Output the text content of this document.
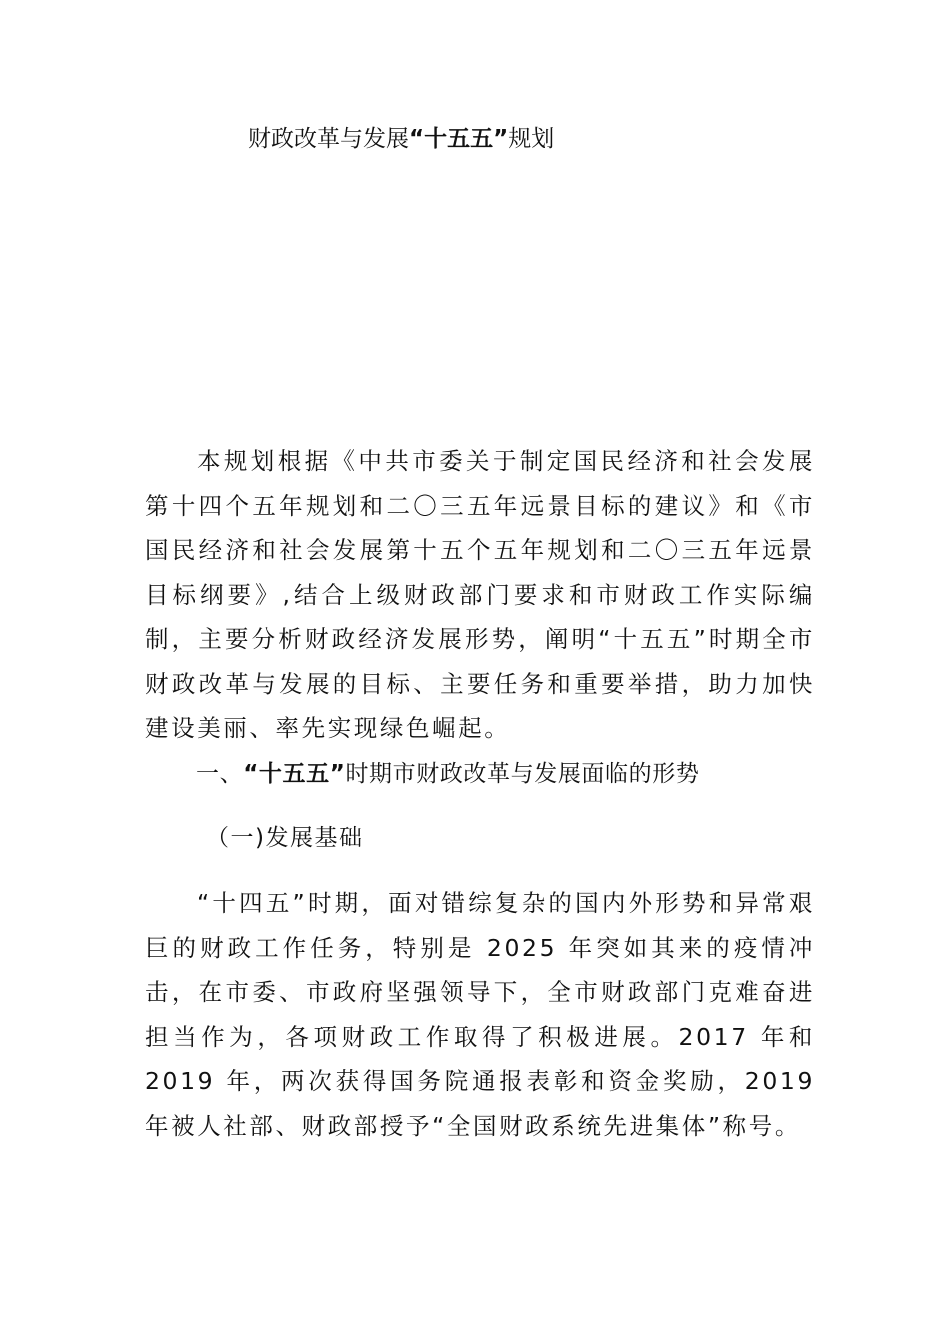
财政改革与发展“十五五”规划

本规划根据《中共市委关于制定国民经济和社会发展第十四个五年规划和二〇三五年远景目标的建议》和《市国民经济和社会发展第十五个五年规划和二〇三五年远景目标纲要》,结合上级财政部门要求和市财政工作实际编制，主要分析财政经济发展形势，阐明“十五五”时期全市财政改革与发展的目标、主要任务和重要举措，助力加快建设美丽、率先实现绿色崛起。

一、“十五五”时期市财政改革与发展面临的形势
（一)发展基础

“十四五”时期，面对错综复杂的国内外形势和异常艰巨的财政工作任务，特别是 2025 年突如其来的疫情冲击，在市委、市政府坚强领导下，全市财政部门克难奋进担当作为，各项财政工作取得了积极进展。2017 年和 2019 年，两次获得国务院通报表彰和资金奖励，2019 年被人社部、财政部授予“全国财政系统先进集体”称号。
